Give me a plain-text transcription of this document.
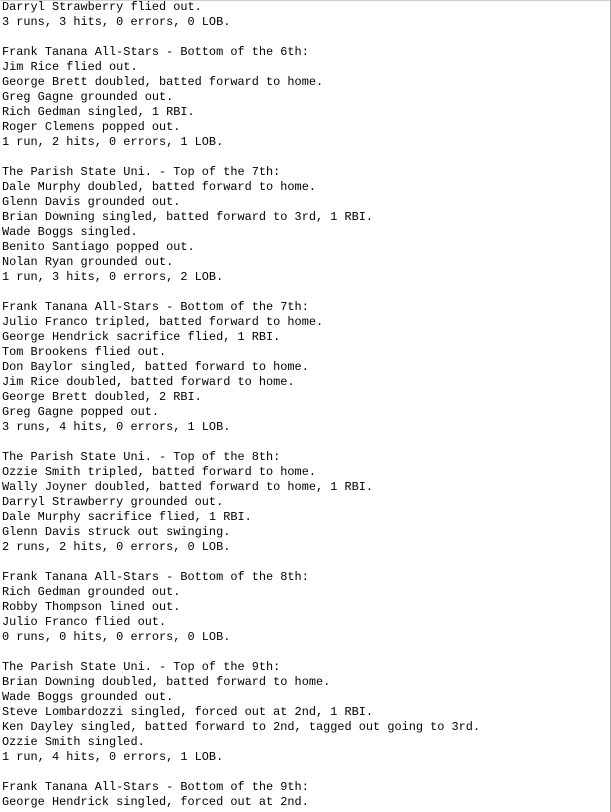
Darryl Strawberry flied out.
3 runs, 3 hits, 0 errors, 0 LOB.
Frank Tanana All-Stars - Bottom of the 6th:
Jim Rice flied out.
George Brett doubled, batted forward to home.
Greg Gagne grounded out.
Rich Gedman singled, 1 RBI.
Roger Clemens popped out.
1 run, 2 hits, 0 errors, 1 LOB.
The Parish State Uni. - Top of the 7th:
Dale Murphy doubled, batted forward to home.
Glenn Davis grounded out.
Brian Downing singled, batted forward to 3rd, 1 RBI.
Wade Boggs singled.
Benito Santiago popped out.
Nolan Ryan grounded out.
1 run, 3 hits, 0 errors, 2 LOB.
Frank Tanana All-Stars - Bottom of the 7th:
Julio Franco tripled, batted forward to home.
George Hendrick sacrifice flied, 1 RBI.
Tom Brookens flied out.
Don Baylor singled, batted forward to home.
Jim Rice doubled, batted forward to home.
George Brett doubled, 2 RBI.
Greg Gagne popped out.
3 runs, 4 hits, 0 errors, 1 LOB.
The Parish State Uni. - Top of the 8th:
Ozzie Smith tripled, batted forward to home.
Wally Joyner doubled, batted forward to home, 1 RBI.
Darryl Strawberry grounded out.
Dale Murphy sacrifice flied, 1 RBI.
Glenn Davis struck out swinging.
2 runs, 2 hits, 0 errors, 0 LOB.
Frank Tanana All-Stars - Bottom of the 8th:
Rich Gedman grounded out.
Robby Thompson lined out.
Julio Franco flied out.
0 runs, 0 hits, 0 errors, 0 LOB.
The Parish State Uni. - Top of the 9th:
Brian Downing doubled, batted forward to home.
Wade Boggs grounded out.
Steve Lombardozzi singled, forced out at 2nd, 1 RBI.
Ken Dayley singled, batted forward to 2nd, tagged out going to 3rd.
Ozzie Smith singled.
1 run, 4 hits, 0 errors, 1 LOB.
Frank Tanana All-Stars - Bottom of the 9th:
George Hendrick singled, forced out at 2nd.
